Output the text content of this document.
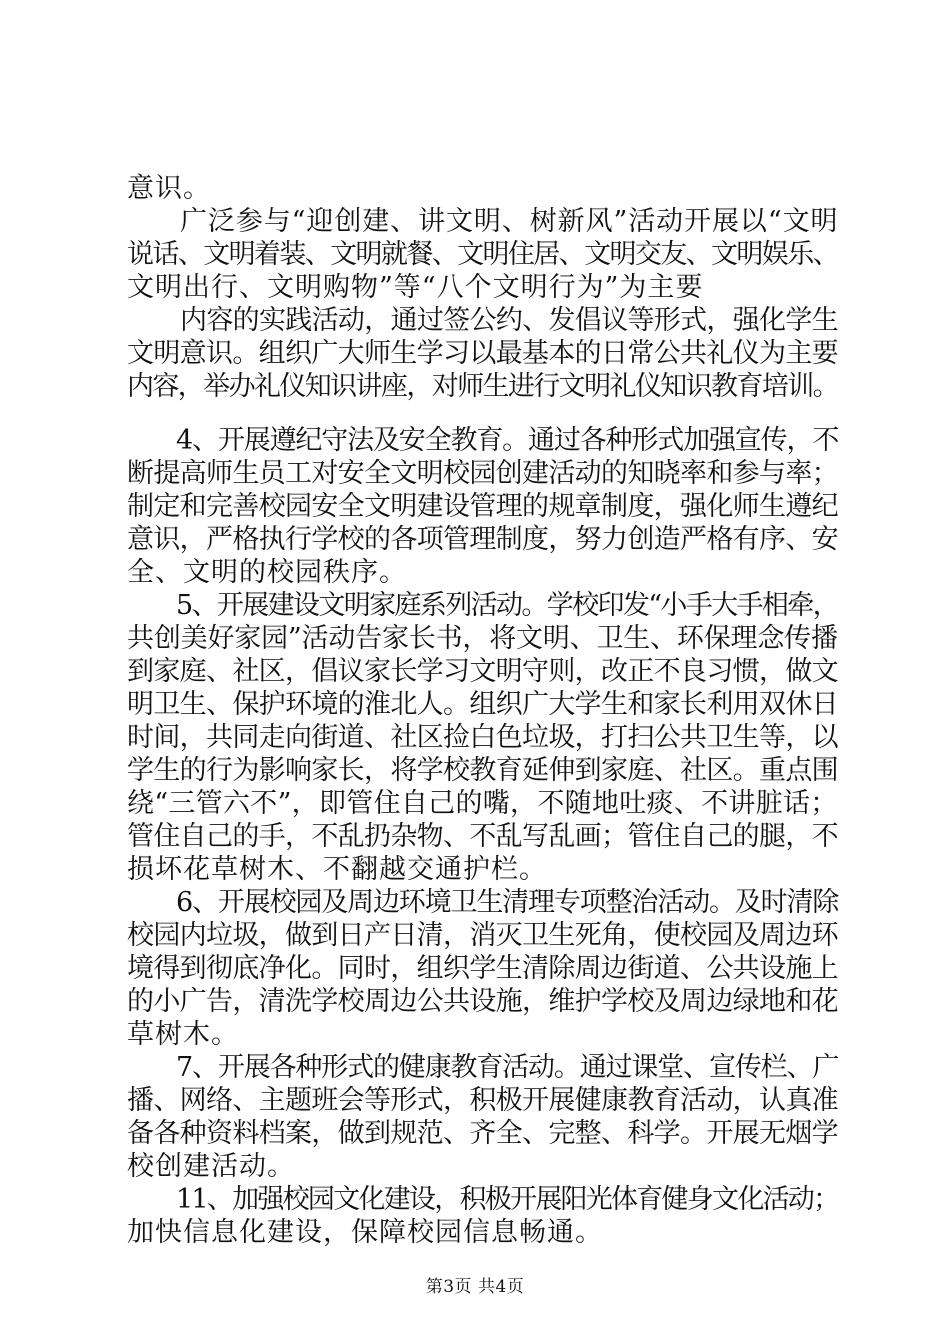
意识。

广泛参与“迎创建、讲文明、树新风”活动开展以“文明

说话、文明着装、文明就餐、文明住居、文明交友、文明娱乐、

文明出行、文明购物”等“八个文明行为”为主要

内容的实践活动，通过签公约、发倡议等形式，强化学生

文明意识。组织广大师生学习以最基本的日常公共礼仪为主要

内容，举办礼仪知识讲座，对师生进行文明礼仪知识教育培训。

4、开展遵纪守法及安全教育。通过各种形式加强宣传，不

断提高师生员工对安全文明校园创建活动的知晓率和参与率；

制定和完善校园安全文明建设管理的规章制度，强化师生遵纪

意识，严格执行学校的各项管理制度，努力创造严格有序、安

全、文明的校园秩序。

5、开展建设文明家庭系列活动。学校印发“小手大手相牵，

共创美好家园”活动告家长书，将文明、卫生、环保理念传播

到家庭、社区，倡议家长学习文明守则，改正不良习惯，做文

明卫生、保护环境的淮北人。组织广大学生和家长利用双休日

时间，共同走向街道、社区捡白色垃圾，打扫公共卫生等，以

学生的行为影响家长，将学校教育延伸到家庭、社区。重点围

绕“三管六不”，即管住自己的嘴，不随地吐痰、不讲脏话；

管住自己的手，不乱扔杂物、不乱写乱画；管住自己的腿，不

损坏花草树木、不翻越交通护栏。

6、开展校园及周边环境卫生清理专项整治活动。及时清除

校园内垃圾，做到日产日清，消灭卫生死角，使校园及周边环

境得到彻底净化。同时，组织学生清除周边街道、公共设施上

的小广告，清洗学校周边公共设施，维护学校及周边绿地和花

草树木。

7、开展各种形式的健康教育活动。通过课堂、宣传栏、广

播、网络、主题班会等形式，积极开展健康教育活动，认真准

备各种资料档案，做到规范、齐全、完整、科学。开展无烟学

校创建活动。

11、加强校园文化建设，积极开展阳光体育健身文化活动；

加快信息化建设，保障校园信息畅通。

第3页 共4页
